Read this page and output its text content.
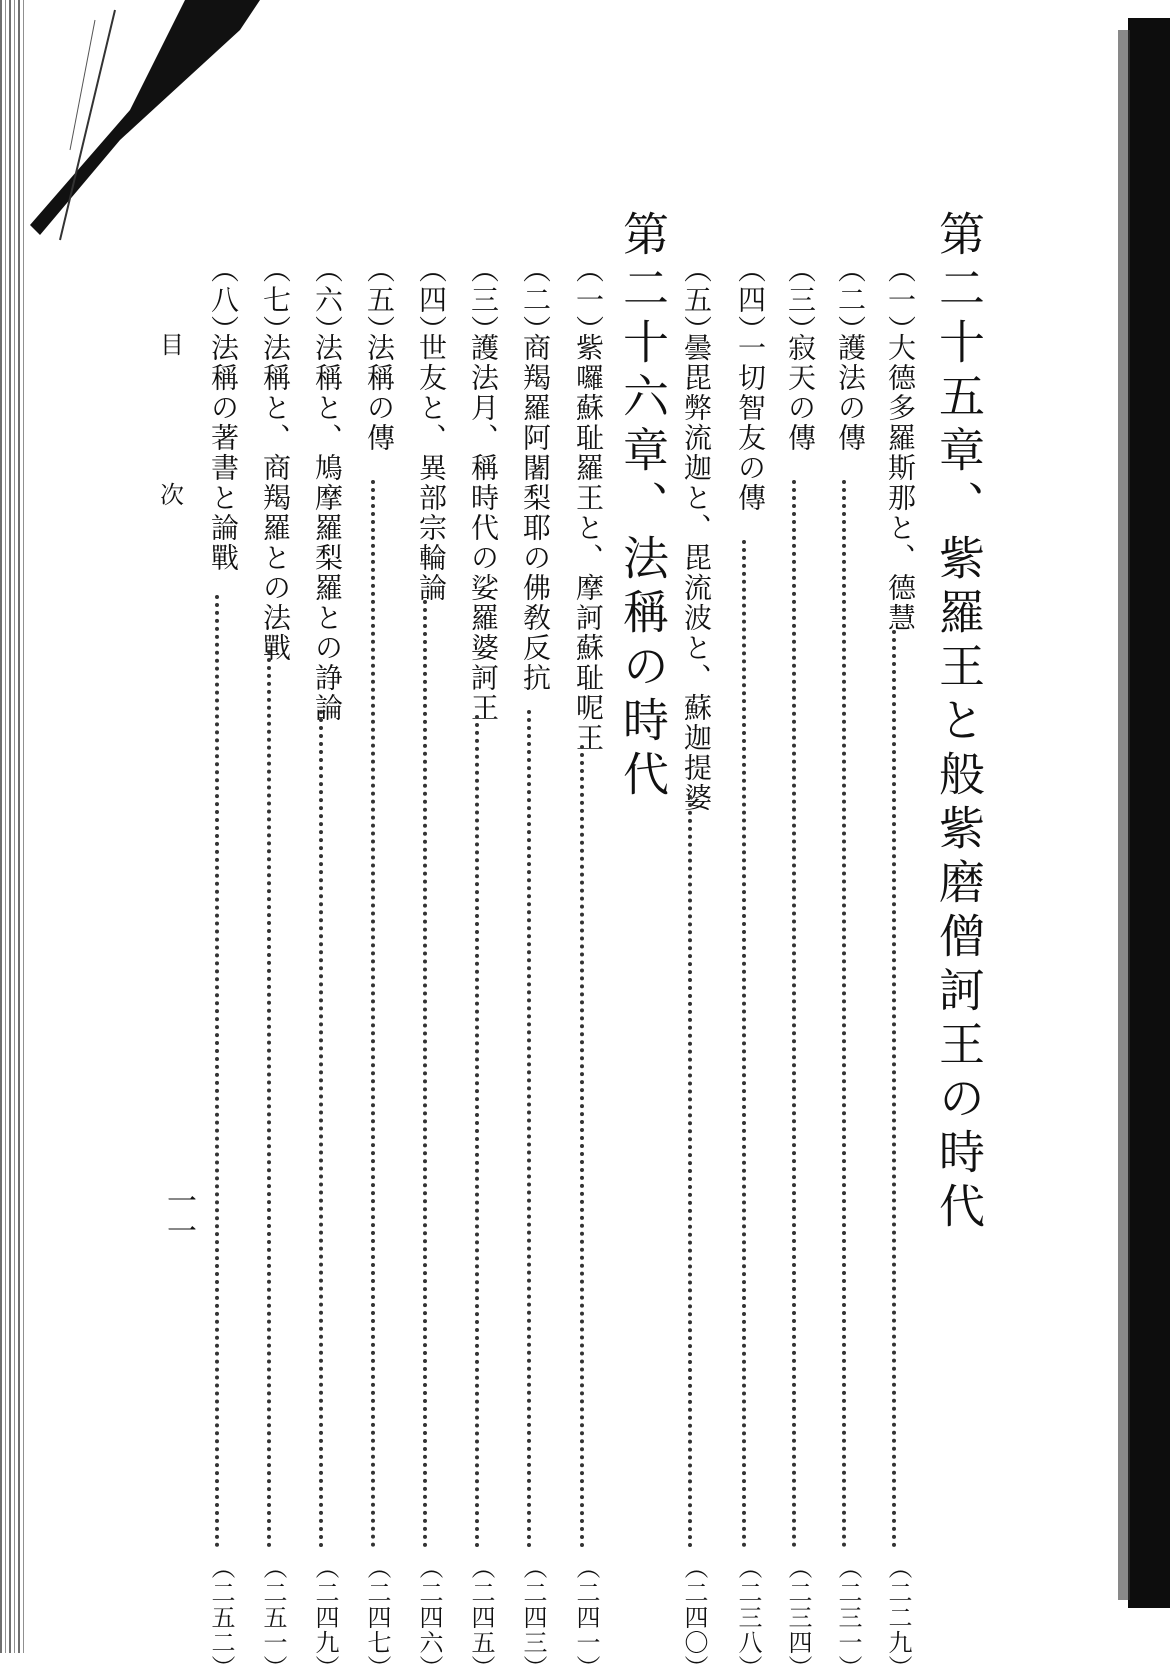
第二十五章、紫羅王と般紫磨僧訶王の時代
（一）
大德多羅斯那と、德慧
（二二九）
（二）
護法の傳
（二三一）
（三）
寂天の傳
（二三四）
（四）
一切智友の傳
（二三八）
（五）
曇毘弊流迦と、毘流波と、蘇迦提婆
（二四〇）
第二十六章、法稱の時代
（一）
紫囉蘇耻羅王と、摩訶蘇耻呢王
（二四一）
（二）
商羯羅阿闍梨耶の佛敎反抗
（二四三）
（三）
護法月、稱時代の娑羅婆訶王
（二四五）
（四）
世友と、異部宗輪論
（二四六）
（五）
法稱の傳
（二四七）
（六）
法稱と、鳩摩羅梨羅との諍論
（二四九）
（七）
法稱と、商羯羅との法戰
（二五一）
（八）
法稱の著書と論戰
（二五二）
目
次
一一
